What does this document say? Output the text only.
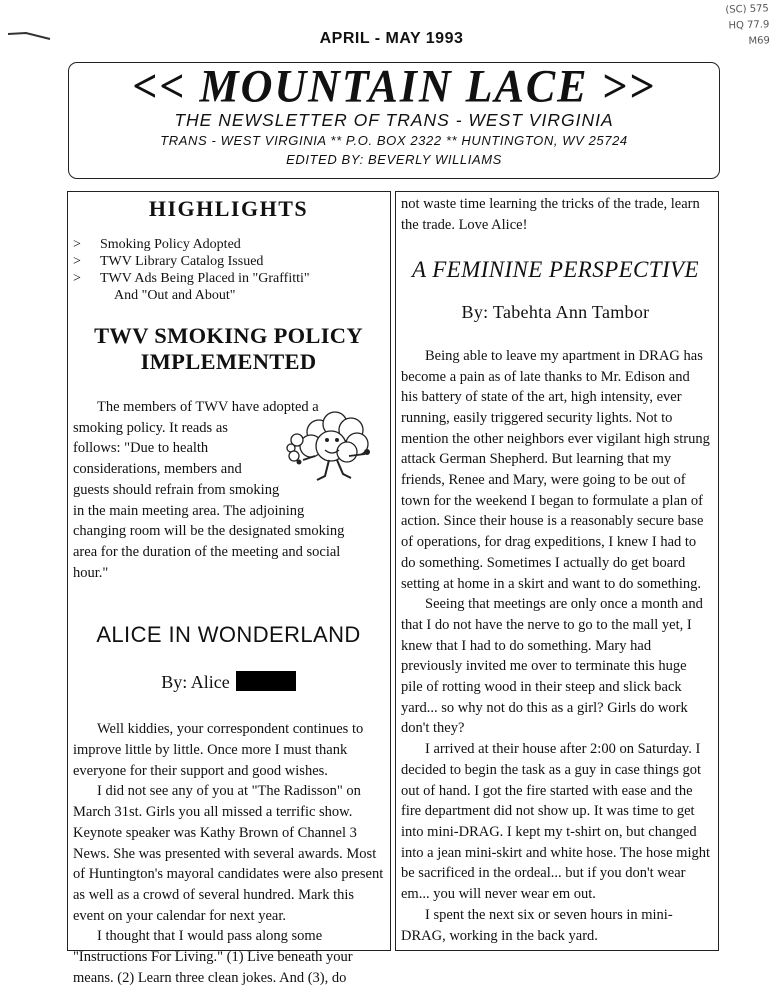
(SC) 575
HQ 77.9
M69
APRIL - MAY 1993
<< MOUNTAIN LACE >>
THE NEWSLETTER OF TRANS - WEST VIRGINIA
TRANS - WEST VIRGINIA ** P.O. BOX 2322 ** HUNTINGTON, WV 25724
EDITED BY: BEVERLY WILLIAMS
HIGHLIGHTS
> Smoking Policy Adopted
> TWV Library Catalog Issued
> TWV Ads Being Placed in "Graffitti"
And "Out and About"
TWV SMOKING POLICY IMPLEMENTED
The members of TWV have adopted a
smoking policy. It reads as
follows: "Due to health
considerations, members and
guests should refrain from smoking
in the main meeting area. The adjoining
changing room will be the designated smoking
area for the duration of the meeting and social
hour."
ALICE IN WONDERLAND
By: Alice

Well kiddies, your correspondent continues to improve little by little. Once more I must thank everyone for their support and good wishes.

I did not see any of you at "The Radisson" on March 31st. Girls you all missed a terrific show. Keynote speaker was Kathy Brown of Channel 3 News. She was presented with several awards. Most of Huntington's mayoral candidates were also present as well as a crowd of several hundred. Mark this event on your calendar for next year.

I thought that I would pass along some "Instructions For Living." (1) Live beneath your means. (2) Learn three clean jokes. And (3), do

not waste time learning the tricks of the trade, learn the trade. Love Alice!

A FEMININE PERSPECTIVE
By: Tabehta Ann Tambor

Being able to leave my apartment in DRAG has become a pain as of late thanks to Mr. Edison and his battery of state of the art, high intensity, ever running, easily triggered security lights. Not to mention the other neighbors ever vigilant high strung attack German Shepherd. But learning that my friends, Renee and Mary, were going to be out of town for the weekend I began to formulate a plan of action. Since their house is a reasonably secure base of operations, for drag expeditions, I knew I had to do something. Sometimes I actually do get board setting at home in a skirt and want to do something.

Seeing that meetings are only once a month and that I do not have the nerve to go to the mall yet, I knew that I had to do something. Mary had previously invited me over to terminate this huge pile of rotting wood in their steep and slick back yard... so why not do this as a girl? Girls do work don't they?

I arrived at their house after 2:00 on Saturday. I decided to begin the task as a guy in case things got out of hand. I got the fire started with ease and the fire department did not show up. It was time to get into mini-DRAG. I kept my t-shirt on, but changed into a jean mini-skirt and white hose. The hose might be sacrificed in the ordeal... but if you don't wear em... you will never wear em out.

I spent the next six or seven hours in mini-DRAG, working in the back yard.
